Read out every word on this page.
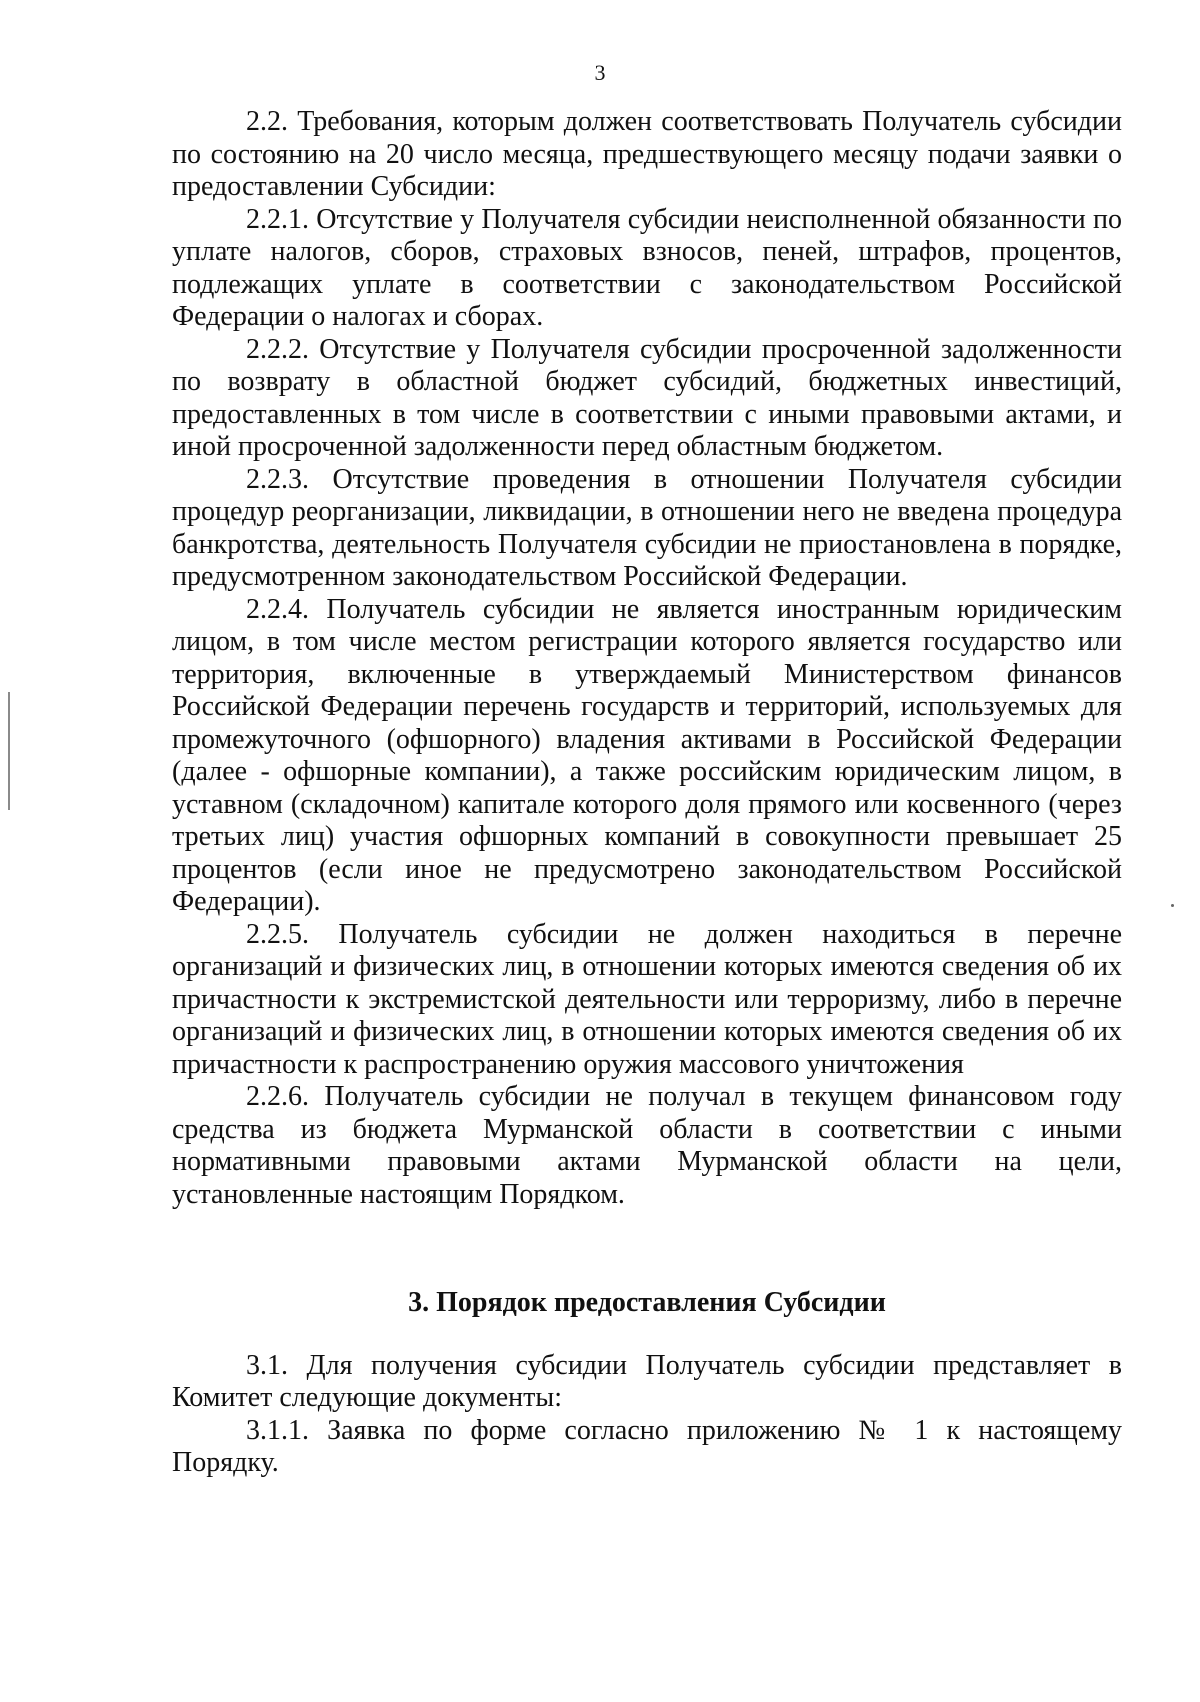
3

2.2. Требования, которым должен соответствовать Получатель субсидии по состоянию на 20 число месяца, предшествующего месяцу подачи заявки о предоставлении Субсидии:

2.2.1. Отсутствие у Получателя субсидии неисполненной обязанности по уплате налогов, сборов, страховых взносов, пеней, штрафов, процентов, подлежащих уплате в соответствии с законодательством Российской Федерации о налогах и сборах.

2.2.2. Отсутствие у Получателя субсидии просроченной задолженности по возврату в областной бюджет субсидий, бюджетных инвестиций, предоставленных в том числе в соответствии с иными правовыми актами, и иной просроченной задолженности перед областным бюджетом.

2.2.3. Отсутствие проведения в отношении Получателя субсидии процедур реорганизации, ликвидации, в отношении него не введена процедура банкротства, деятельность Получателя субсидии не приостановлена в порядке, предусмотренном законодательством Российской Федерации.

2.2.4. Получатель субсидии не является иностранным юридическим лицом, в том числе местом регистрации которого является государство или территория, включенные в утверждаемый Министерством финансов Российской Федерации перечень государств и территорий, используемых для промежуточного (офшорного) владения активами в Российской Федерации (далее - офшорные компании), а также российским юридическим лицом, в уставном (складочном) капитале которого доля прямого или косвенного (через третьих лиц) участия офшорных компаний в совокупности превышает 25 процентов (если иное не предусмотрено законодательством Российской Федерации).

2.2.5. Получатель субсидии не должен находиться в перечне организаций и физических лиц, в отношении которых имеются сведения об их причастности к экстремистской деятельности или терроризму, либо в перечне организаций и физических лиц, в отношении которых имеются сведения об их причастности к распространению оружия массового уничтожения

2.2.6. Получатель субсидии не получал в текущем финансовом году средства из бюджета Мурманской области в соответствии с иными нормативными правовыми актами Мурманской области на цели, установленные настоящим Порядком.

3. Порядок предоставления Субсидии

3.1. Для получения субсидии Получатель субсидии представляет в Комитет следующие документы:

3.1.1. Заявка по форме согласно приложению № 1 к настоящему Порядку.
